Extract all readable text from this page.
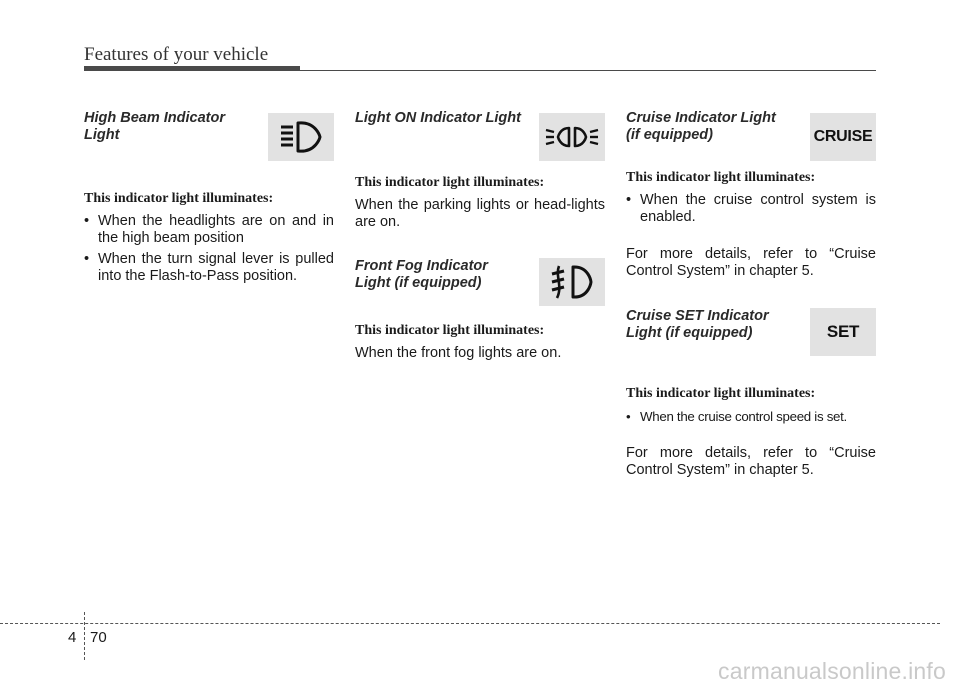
Features of your vehicle
High Beam Indicator
Light

This indicator light illuminates:

• When the headlights are on and in the high beam position
• When the turn signal lever is pulled into the Flash-to-Pass position.
Light ON Indicator Light

This indicator light illuminates:

When the parking lights or head-lights are on.

Front Fog Indicator
Light (if equipped)

This indicator light illuminates:

When the front fog lights are on.

Cruise Indicator Light
(if equipped)	CRUISE

This indicator light illuminates:

• When the cruise control system is enabled.

For more details, refer to “Cruise Control System” in chapter 5.

Cruise SET Indicator
Light (if equipped)	SET

This indicator light illuminates:

• When the cruise control speed is set.

For more details, refer to “Cruise Control System” in chapter 5.

4 70
carmanualsonline.info
